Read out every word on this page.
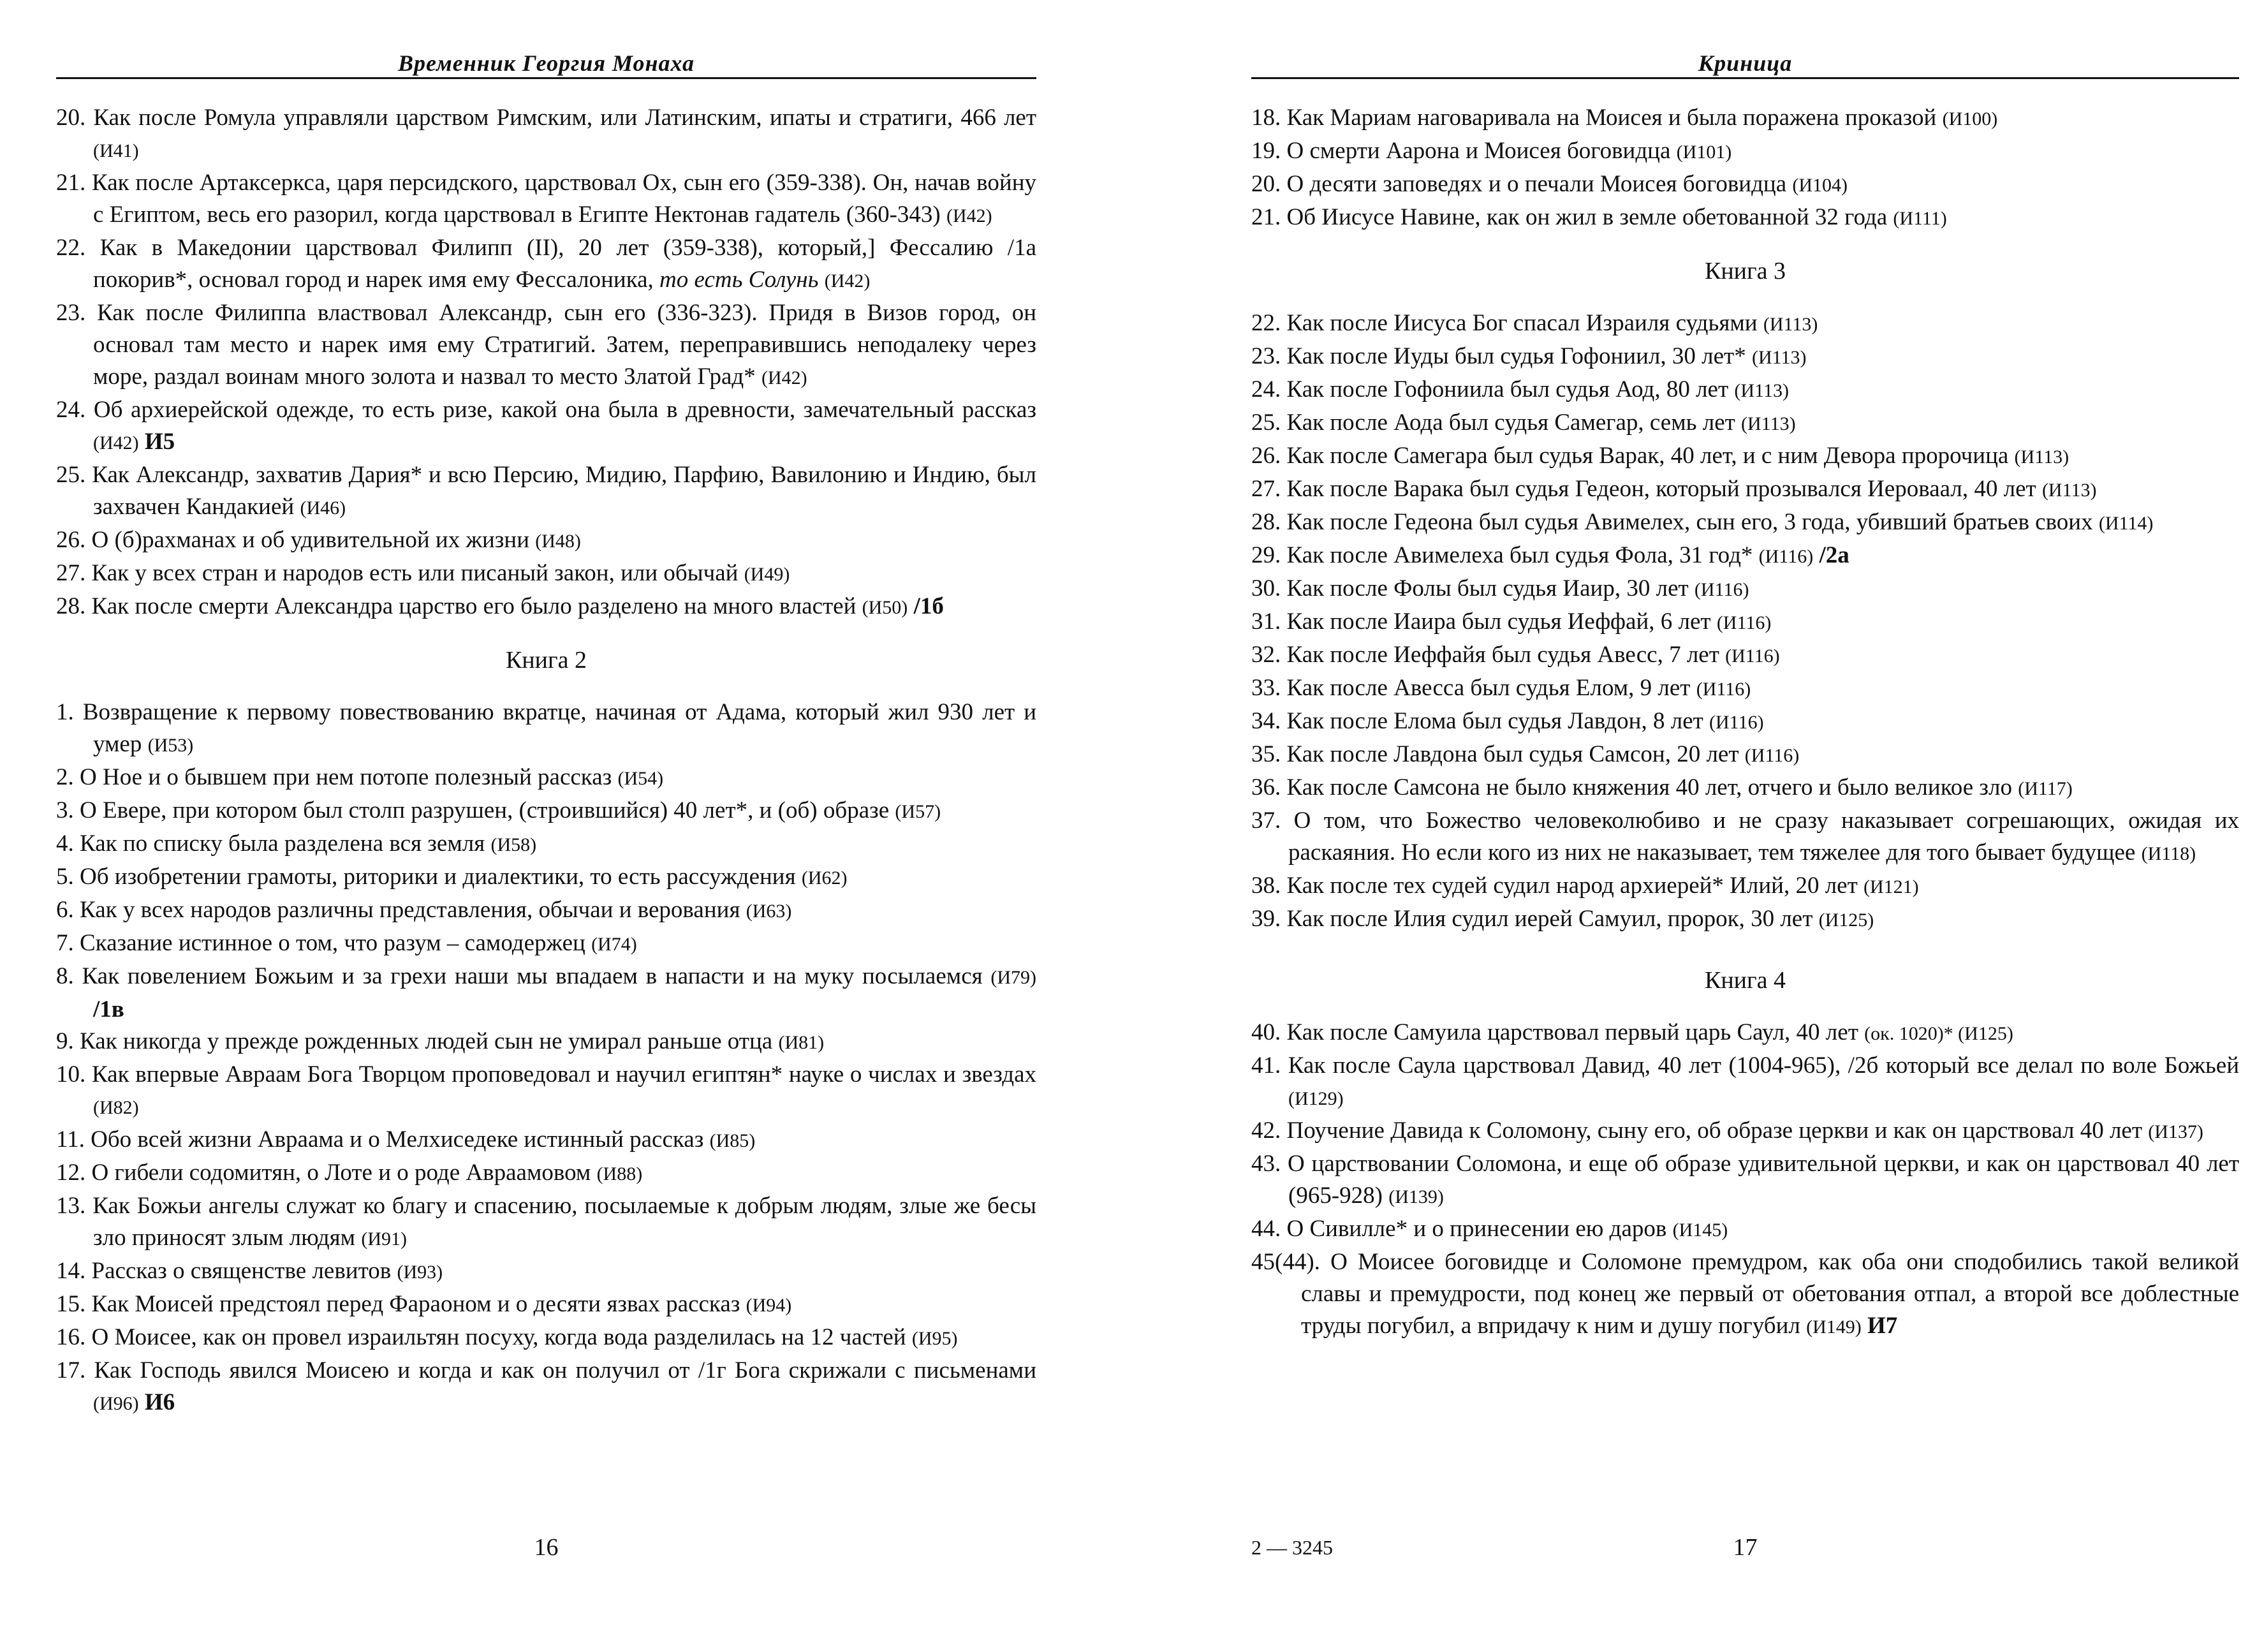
Временник Георгия Монаха
20. Как после Ромула управляли царством Римским, или Латинским, ипаты и стратиги, 466 лет (И41)
21. Как после Артаксеркса, царя персидского, царствовал Ох, сын его (359-338). Он, начав войну с Египтом, весь его разорил, когда царствовал в Египте Нектонав гадатель (360-343) (И42)
22. Как в Македонии царствовал Филипп (II), 20 лет (359-338), который,] Фессалию /1а покорив*, основал город и нарек имя ему Фессалоника, то есть Солунь (И42)
23. Как после Филиппа властвовал Александр, сын его (336-323). Придя в Визов город, он основал там место и нарек имя ему Стратигий. Затем, переправившись неподалеку через море, раздал воинам много золота и назвал то место Златой Град* (И42)
24. Об архиерейской одежде, то есть ризе, какой она была в древности, замечательный рассказ (И42) И5
25. Как Александр, захватив Дария* и всю Персию, Мидию, Парфию, Вавилонию и Индию, был захвачен Кандакией (И46)
26. О (б)рахманах и об удивительной их жизни (И48)
27. Как у всех стран и народов есть или писаный закон, или обычай (И49)
28. Как после смерти Александра царство его было разделено на много властей (И50) /1б
Книга 2
1. Возвращение к первому повествованию вкратце, начиная от Адама, который жил 930 лет и умер (И53)
2. О Ное и о бывшем при нем потопе полезный рассказ (И54)
3. О Евере, при котором был столп разрушен, (строившийся) 40 лет*, и (об) образе (И57)
4. Как по списку была разделена вся земля (И58)
5. Об изобретении грамоты, риторики и диалектики, то есть рассуждения (И62)
6. Как у всех народов различны представления, обычаи и верования (И63)
7. Сказание истинное о том, что разум – самодержец (И74)
8. Как повелением Божьим и за грехи наши мы впадаем в напасти и на муку посылаемся (И79) /1в
9. Как никогда у прежде рожденных людей сын не умирал раньше отца (И81)
10. Как впервые Авраам Бога Творцом проповедовал и научил египтян* науке о числах и звездах (И82)
11. Обо всей жизни Авраама и о Мелхиседеке истинный рассказ (И85)
12. О гибели содомитян, о Лоте и о роде Авраамовом (И88)
13. Как Божьи ангелы служат ко благу и спасению, посылаемые к добрым людям, злые же бесы зло приносят злым людям (И91)
14. Рассказ о священстве левитов (И93)
15. Как Моисей предстоял перед Фараоном и о десяти язвах рассказ (И94)
16. О Моисее, как он провел израильтян посуху, когда вода разделилась на 12 частей (И95)
17. Как Господь явился Моисею и когда и как он получил от /1г Бога скрижали с письменами (И96) И6
16
Криница
18. Как Мариам наговаривала на Моисея и была поражена проказой (И100)
19. О смерти Аарона и Моисея боговидца (И101)
20. О десяти заповедях и о печали Моисея боговидца (И104)
21. Об Иисусе Навине, как он жил в земле обетованной 32 года (И111)
Книга 3
22. Как после Иисуса Бог спасал Израиля судьями (И113)
23. Как после Иуды был судья Гофониил, 30 лет* (И113)
24. Как после Гофониила был судья Аод, 80 лет (И113)
25. Как после Аода был судья Самегар, семь лет (И113)
26. Как после Самегара был судья Варак, 40 лет, и с ним Девора пророчица (И113)
27. Как после Варака был судья Гедеон, который прозывался Иероваал, 40 лет (И113)
28. Как после Гедеона был судья Авимелех, сын его, 3 года, убивший братьев своих (И114)
29. Как после Авимелеха был судья Фола, 31 год* (И116) /2а
30. Как после Фолы был судья Иаир, 30 лет (И116)
31. Как после Иаира был судья Иеффай, 6 лет (И116)
32. Как после Иеффайя был судья Авесс, 7 лет (И116)
33. Как после Авесса был судья Елом, 9 лет (И116)
34. Как после Елома был судья Лавдон, 8 лет (И116)
35. Как после Лавдона был судья Самсон, 20 лет (И116)
36. Как после Самсона не было княжения 40 лет, отчего и было великое зло (И117)
37. О том, что Божество человеколюбиво и не сразу наказывает согрешающих, ожидая их раскаяния. Но если кого из них не наказывает, тем тяжелее для того бывает будущее (И118)
38. Как после тех судей судил народ архиерей* Илий, 20 лет (И121)
39. Как после Илия судил иерей Самуил, пророк, 30 лет (И125)
Книга 4
40. Как после Самуила царствовал первый царь Саул, 40 лет (ок. 1020)* (И125)
41. Как после Саула царствовал Давид, 40 лет (1004-965), /2б который все делал по воле Божьей (И129)
42. Поучение Давида к Соломону, сыну его, об образе церкви и как он царствовал 40 лет (И137)
43. О царствовании Соломона, и еще об образе удивительной церкви, и как он царствовал 40 лет (965-928) (И139)
44. О Сивилле* и о принесении ею даров (И145)
45(44). О Моисее боговидце и Соломоне премудром, как оба они сподобились такой великой славы и премудрости, под конец же первый от обетования отпал, а второй все доблестные труды погубил, а впридачу к ним и душу погубил (И149) И7
2 — 3245	17
